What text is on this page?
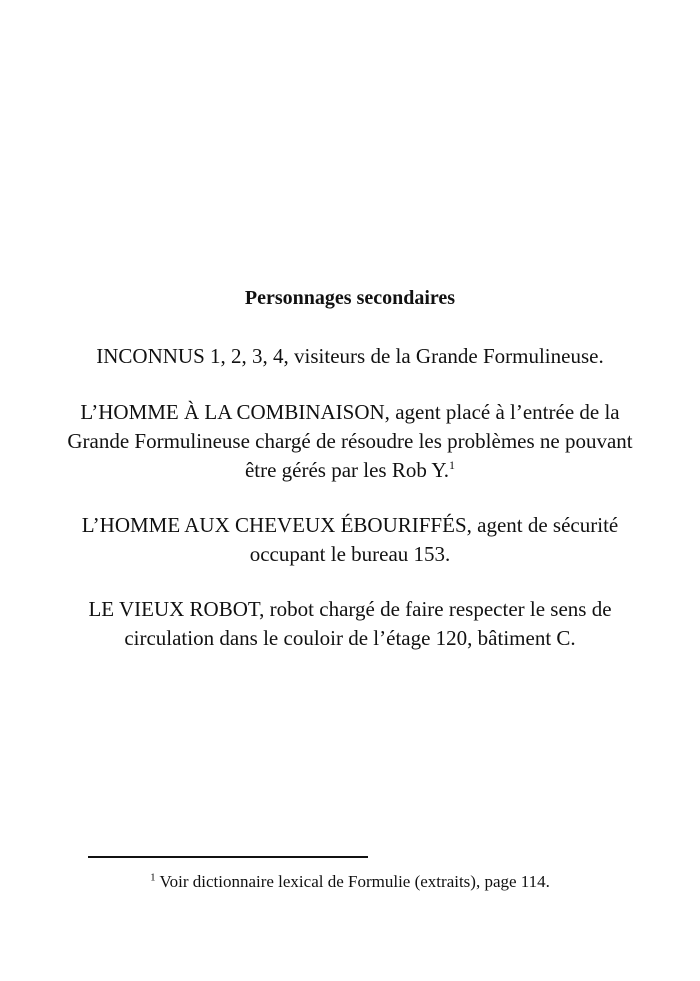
Personnages secondaires

INCONNUS 1, 2, 3, 4, visiteurs de la Grande Formulineuse.

L’HOMME À LA COMBINAISON, agent placé à l’entrée de la Grande Formulineuse chargé de résoudre les problèmes ne pouvant être gérés par les Rob Y.$^1$

L’HOMME AUX CHEVEUX ÉBOURIFFÉS, agent de sécurité occupant le bureau 153.

LE VIEUX ROBOT, robot chargé de faire respecter le sens de circulation dans le couloir de l’étage 120, bâtiment C.

$^1$ Voir dictionnaire lexical de Formulie (extraits), page 114.
